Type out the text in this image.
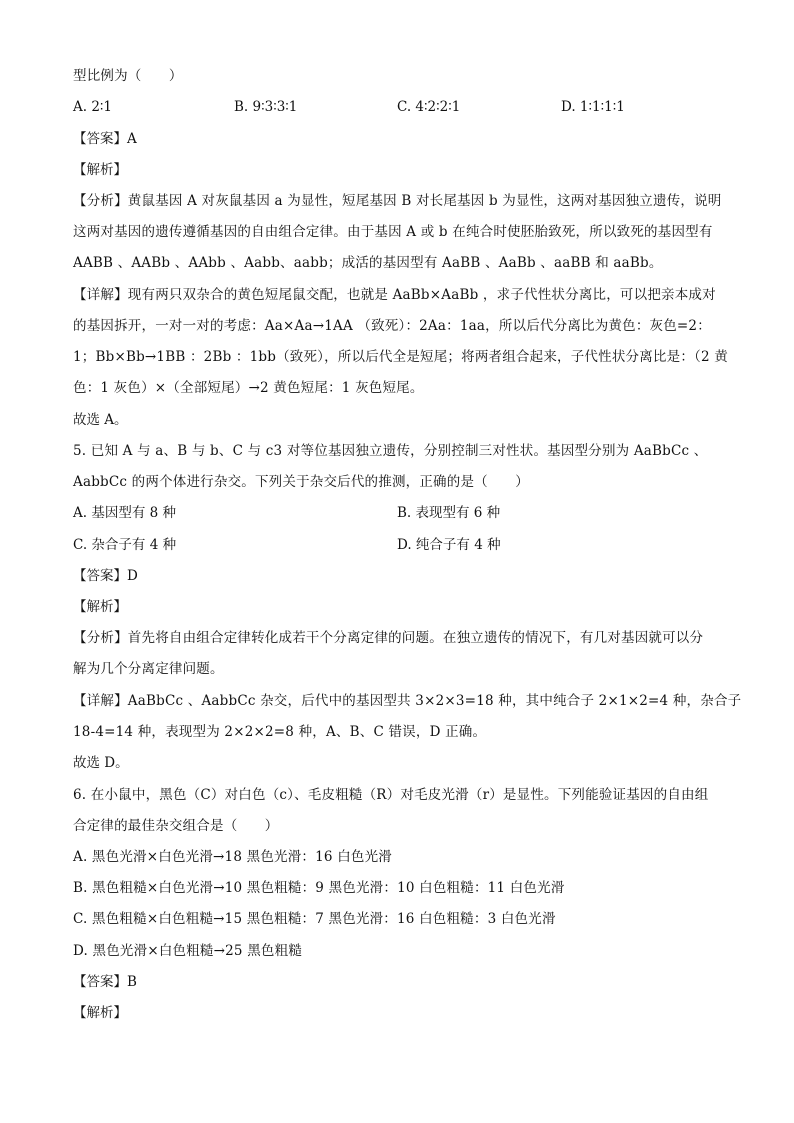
型比例为（　　）
A. 2∶1	B. 9∶3∶3∶1	C. 4∶2∶2∶1	D. 1∶1∶1∶1
【答案】A
【解析】
【分析】黄鼠基因 A 对灰鼠基因 a 为显性，短尾基因 B 对长尾基因 b 为显性，这两对基因独立遗传，说明
这两对基因的遗传遵循基因的自由组合定律。由于基因 A 或 b 在纯合时使胚胎致死，所以致死的基因型有
AABB 、AABb 、AAbb 、Aabb、aabb；成活的基因型有 AaBB 、AaBb 、aaBB 和 aaBb。
【详解】现有两只双杂合的黄色短尾鼠交配，也就是 AaBb×AaBb ，求子代性状分离比，可以把亲本成对
的基因拆开，一对一对的考虑：Aa×Aa→1AA （致死）：2Aa：1aa，所以后代分离比为黄色：灰色=2：
1；Bb×Bb→1BB ：2Bb ：1bb（致死），所以后代全是短尾；将两者组合起来，子代性状分离比是：（2 黄
色：1 灰色）×（全部短尾）→2 黄色短尾：1 灰色短尾。
故选 A。
5. 已知 A 与 a、B 与 b、C 与 c3 对等位基因独立遗传，分别控制三对性状。基因型分别为 AaBbCc 、
AabbCc 的两个体进行杂交。下列关于杂交后代的推测，正确的是（　　）
A. 基因型有 8 种	B. 表现型有 6 种
C. 杂合子有 4 种	D. 纯合子有 4 种
【答案】D
【解析】
【分析】首先将自由组合定律转化成若干个分离定律的问题。在独立遗传的情况下，有几对基因就可以分
解为几个分离定律问题。
【详解】AaBbCc 、AabbCc 杂交，后代中的基因型共 3×2×3=18 种，其中纯合子 2×1×2=4 种，杂合子
18-4=14 种，表现型为 2×2×2=8 种，A、B、C 错误，D 正确。
故选 D。
6. 在小鼠中，黑色（C）对白色（c）、毛皮粗糙（R）对毛皮光滑（r）是显性。下列能验证基因的自由组
合定律的最佳杂交组合是（　　）
A. 黑色光滑×白色光滑→18 黑色光滑：16 白色光滑
B. 黑色粗糙×白色光滑→10 黑色粗糙：9 黑色光滑：10 白色粗糙：11 白色光滑
C. 黑色粗糙×白色粗糙→15 黑色粗糙：7 黑色光滑：16 白色粗糙：3 白色光滑
D. 黑色光滑×白色粗糙→25 黑色粗糙
【答案】B
【解析】
